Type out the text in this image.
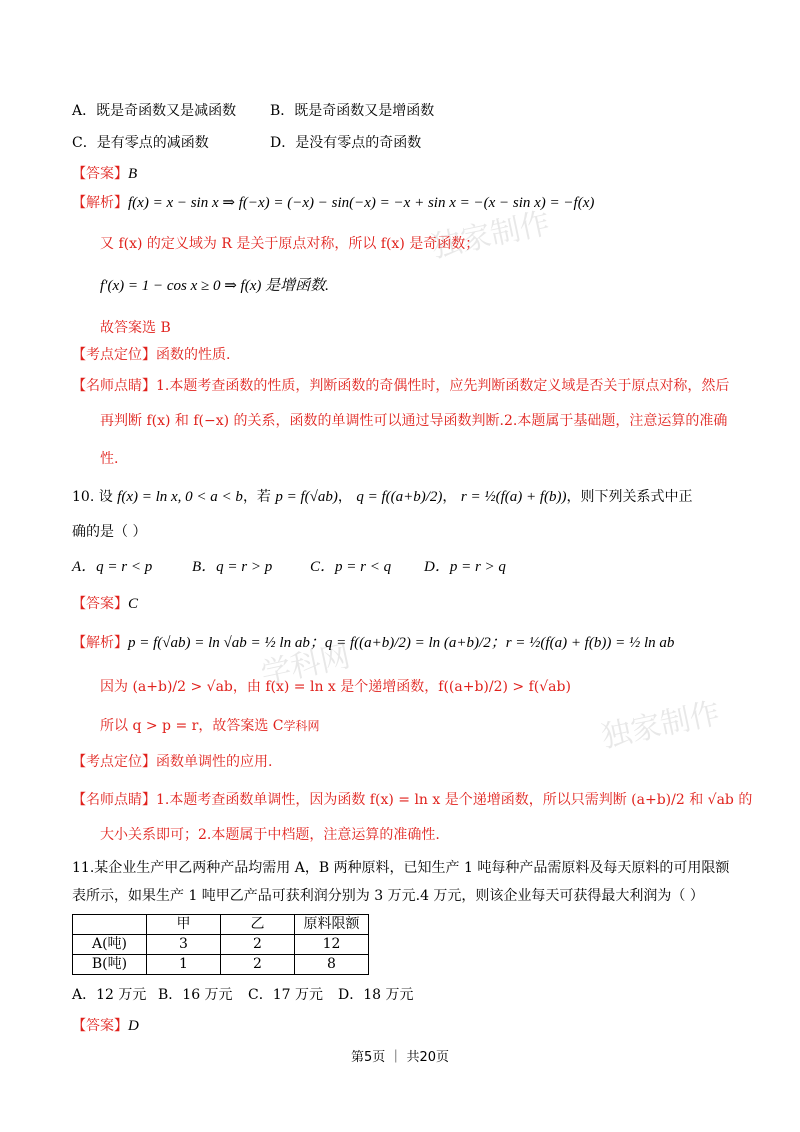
独家制作
学科网
独家制作
A．既是奇函数又是减函数 B．既是奇函数又是增函数
C．是有零点的减函数	D．是没有零点的奇函数
【答案】B
【解析】f(x) = x − sin x ⇒ f(−x) = (−x) − sin(−x) = −x + sin x = −(x − sin x) = −f(x)
又 f(x) 的定义域为 R 是关于原点对称，所以 f(x) 是奇函数；
f′(x) = 1 − cos x ≥ 0 ⇒ f(x) 是增函数.
故答案选 B
【考点定位】函数的性质.
【名师点睛】1.本题考查函数的性质，判断函数的奇偶性时，应先判断函数定义域是否关于原点对称，然后
再判断 f(x) 和 f(−x) 的关系，函数的单调性可以通过导函数判断.2.本题属于基础题，注意运算的准确
性.
10. 设 f(x) = ln x, 0 < a < b，若 p = f(√ab)， q = f((a+b)/2)， r = ½(f(a) + f(b))，则下列关系式中正
确的是（ ）
A．q = r < p	B．q = r > p	C．p = r < q D．p = r > q
【答案】C
【解析】p = f(√ab) = ln √ab = ½ ln ab；q = f((a+b)/2) = ln (a+b)/2；r = ½(f(a) + f(b)) = ½ ln ab
因为 (a+b)/2 > √ab，由 f(x) = ln x 是个递增函数，f((a+b)/2) > f(√ab)
所以 q > p = r，故答案选 C学科网
【考点定位】函数单调性的应用.
【名师点睛】1.本题考查函数单调性，因为函数 f(x) = ln x 是个递增函数，所以只需判断 (a+b)/2 和 √ab 的
大小关系即可；2.本题属于中档题，注意运算的准确性.
11.某企业生产甲乙两种产品均需用 A，B 两种原料，已知生产 1 吨每种产品需原料及每天原料的可用限额
表所示，如果生产 1 吨甲乙产品可获利润分别为 3 万元.4 万元，则该企业每天可获得最大利润为（ ）
	甲	乙	原料限额
A(吨)	3	2	12
B(吨)	1	2	8
A．12 万元 B．16 万元 C．17 万元 D．18 万元
【答案】D
第5页 ｜ 共20页
